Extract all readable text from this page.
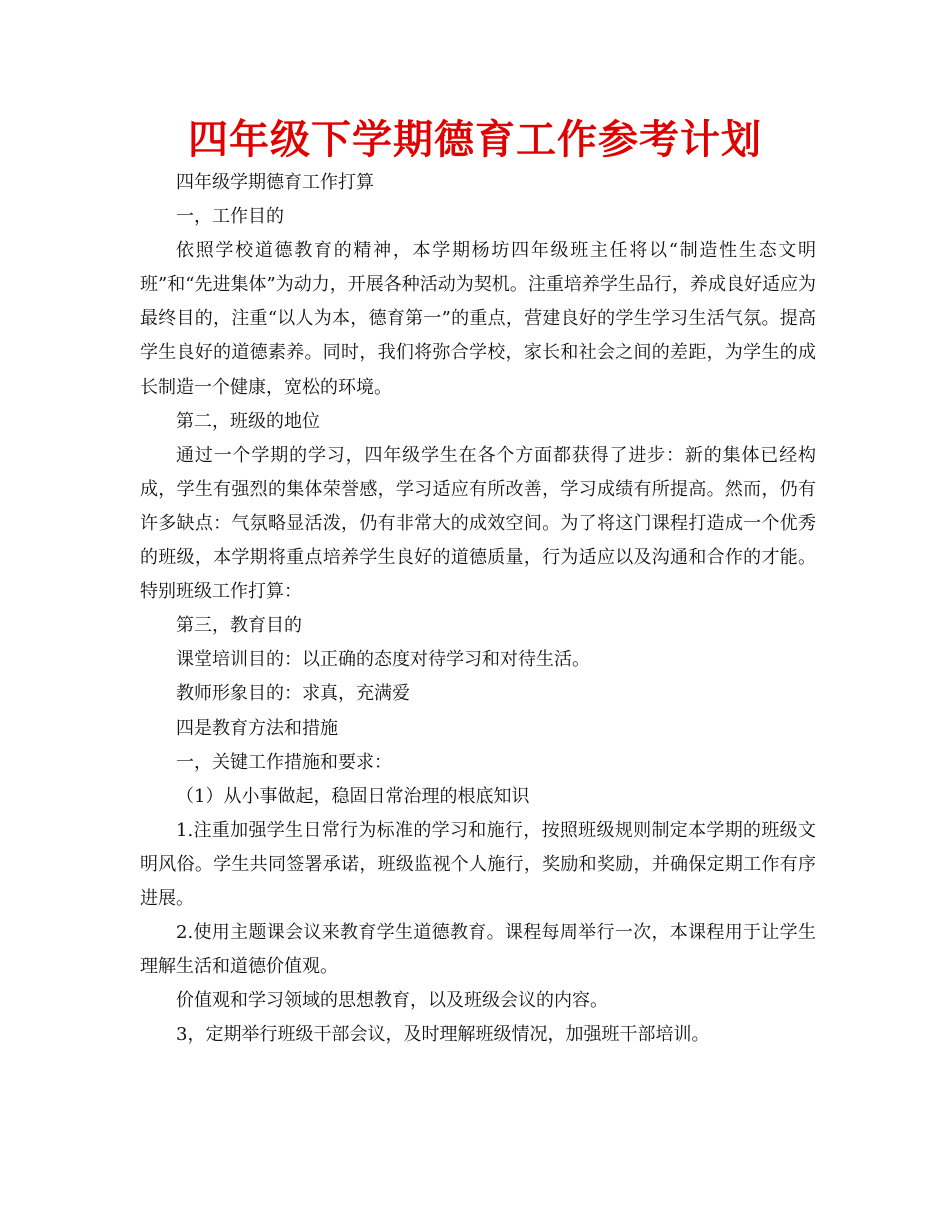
四年级下学期德育工作参考计划

四年级学期德育工作打算

一，工作目的

依照学校道德教育的精神，本学期杨坊四年级班主任将以“制造性生态文明班”和“先进集体”为动力，开展各种活动为契机。注重培养学生品行，养成良好适应为最终目的，注重“以人为本，德育第一”的重点，营建良好的学生学习生活气氛。提高学生良好的道德素养。同时，我们将弥合学校，家长和社会之间的差距，为学生的成长制造一个健康，宽松的环境。

第二，班级的地位

通过一个学期的学习，四年级学生在各个方面都获得了进步：新的集体已经构成，学生有强烈的集体荣誉感，学习适应有所改善，学习成绩有所提高。然而，仍有许多缺点：气氛略显活泼，仍有非常大的成效空间。为了将这门课程打造成一个优秀的班级，本学期将重点培养学生良好的道德质量，行为适应以及沟通和合作的才能。特别班级工作打算：

第三，教育目的

课堂培训目的：以正确的态度对待学习和对待生活。

教师形象目的：求真，充满爱

四是教育方法和措施

一，关键工作措施和要求：

（1）从小事做起，稳固日常治理的根底知识

1.注重加强学生日常行为标准的学习和施行，按照班级规则制定本学期的班级文明风俗。学生共同签署承诺，班级监视个人施行，奖励和奖励，并确保定期工作有序进展。

2.使用主题课会议来教育学生道德教育。课程每周举行一次，本课程用于让学生理解生活和道德价值观。

价值观和学习领域的思想教育，以及班级会议的内容。

3，定期举行班级干部会议，及时理解班级情况，加强班干部培训。
